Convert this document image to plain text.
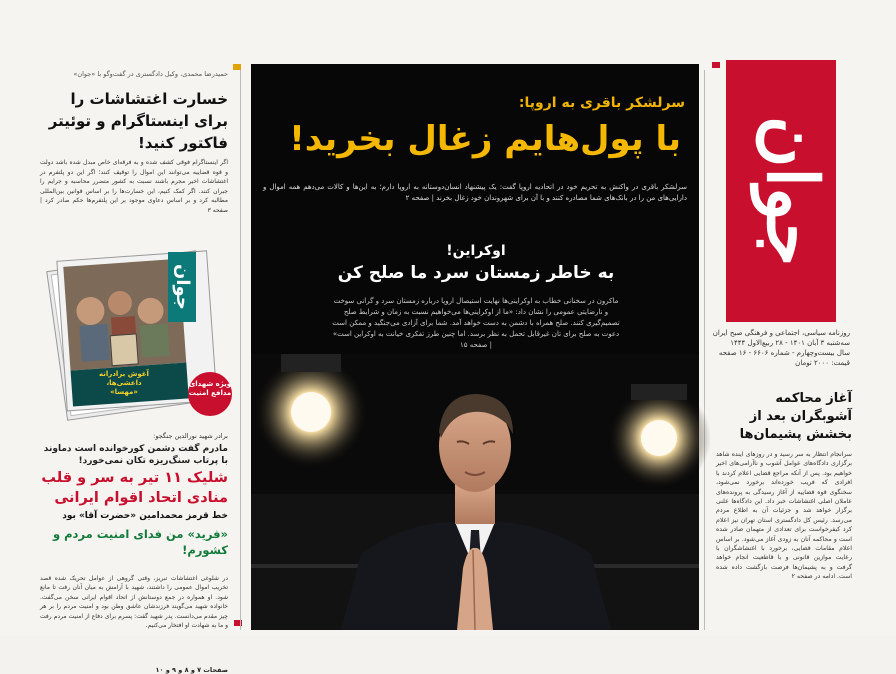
جوان
روزنامه سیاسی، اجتماعی و فرهنگی صبح ایران
سه‌شنبه ۳ آبان ۱۴۰۱ - ۲۸ ربیع‌الاول ۱۴۴۴
سال بیست‌وچهارم - شماره ۶۶۰۶ - ۱۶ صفحه
قیمت: ۲۰۰۰ تومان
آغاز محاکمه آشوبگران بعد از بخشش پشیمان‌ها
سرانجام انتظار به سر رسید و در روزهای اینده شاهد برگزاری دادگاه‌های عوامل آشوب و ناآرامی‌های اخیر خواهیم بود. پس از آنکه مراجع قضایی اعلام کردند با افرادی که فریب خورده‌اند برخورد نمی‌شود، سخنگوی قوه قضاییه از آغاز رسیدگی به پرونده‌های عاملان اصلی اغتشاشات خبر داد. این دادگاه‌ها علنی برگزار خواهد شد و جزئیات آن به اطلاع مردم می‌رسد. رئیس کل دادگستری استان تهران نیز اعلام کرد کیفرخواست برای تعدادی از متهمان صادر شده است و محاکمه آنان به زودی آغاز می‌شود. بر اساس اعلام مقامات قضایی، برخورد با اغتشاشگران با رعایت موازین قانونی و با قاطعیت انجام خواهد گرفت و به پشیمان‌ها فرصت بازگشت داده شده است. ادامه در صفحه ۲
سرلشکر باقری به اروپا:
با پول‌هایم زغال بخرید!
سرلشکر باقری در واکنش به تحریم خود در اتحادیه اروپا گفت: یک پیشنهاد انسان‌دوستانه به اروپا دارم؛ به این‌ها و کالات می‌دهم همه اموال و دارایی‌های من را در بانک‌های شما مصادره کنند و با آن برای شهروندان خود زغال بخرند | صفحه ۲
اوکراین!
به خاطر زمستان سرد ما صلح کن
ماکرون در سخنانی خطاب به اوکراینی‌ها نهایت استیصال اروپا درباره زمستان سرد و گرانی سوخت و نارضایتی عمومی را نشان داد: «ما از اوکراینی‌ها می‌خواهیم نسبت به زمان و شرایط صلح تصمیم‌گیری کنند. صلح همراه با دشمن به دست خواهد آمد. شما برای آزادی می‌جنگید و ممکن است دعوت به صلح برای تان غیرقابل تحمل به نظر برسد. اما چنین طرز تفکری خیانت به اوکراین است» | صفحه ۱۵
حمیدرضا محمدی، وکیل دادگستری در گفت‌وگو با «جوان»
خسارت اغتشاشات را برای اینستاگرام و توئیتر فاکتور کنید!
اگر اینستاگرام فوقی کشف شده و به فرقه‌ای خاص مبدل شده باشد دولت و قوه قضاییه می‌توانند این اموال را توقیف کنند؛ اگر این دو پلتفرم در اغتشاشات اخیر مجرم باشند نسبت به کشور متضرر محاسبه و جرایم را جبران کنند. اگر کمک کنیم، این خسارت‌ها را بر اساس قوانین بین‌المللی مطالبه کرد و بر اساس دعاوی موجود بر این پلتفرم‌ها حکم صادر کرد | صفحه ۳
جوان
آغوش برادرانه داعشی‌ها، «مهسا»
ویژه شهدای مدافع امنیت
برادر شهید نورالدین جنگجو:
مادرم گفت دشمن کورخوانده است دماوند با پرتاب سنگ‌ریزه تکان نمی‌خورد!
شلیک ۱۱ تیر به سر و قلب منادی اتحاد اقوام ایرانی
خط قرمز محمدامین «حضرت آقا» بود
«فرید» من فدای امنیت مردم و کشورم!
در شلوغی اغتشاشات تبریز، وقتی گروهی از عوامل تحریک شده قصد تخریب اموال عمومی را داشتند، شهید با آرامش به میان آنان رفت تا مانع شود. او همواره در جمع دوستانش از اتحاد اقوام ایرانی سخن می‌گفت. خانواده شهید می‌گویند فرزندشان عاشق وطن بود و امنیت مردم را بر هر چیز مقدم می‌دانست. پدر شهید گفت: پسرم برای دفاع از امنیت مردم رفت و ما به شهادت او افتخار می‌کنیم.
صفحات ۷ و ۸ و ۹ و ۱۰
